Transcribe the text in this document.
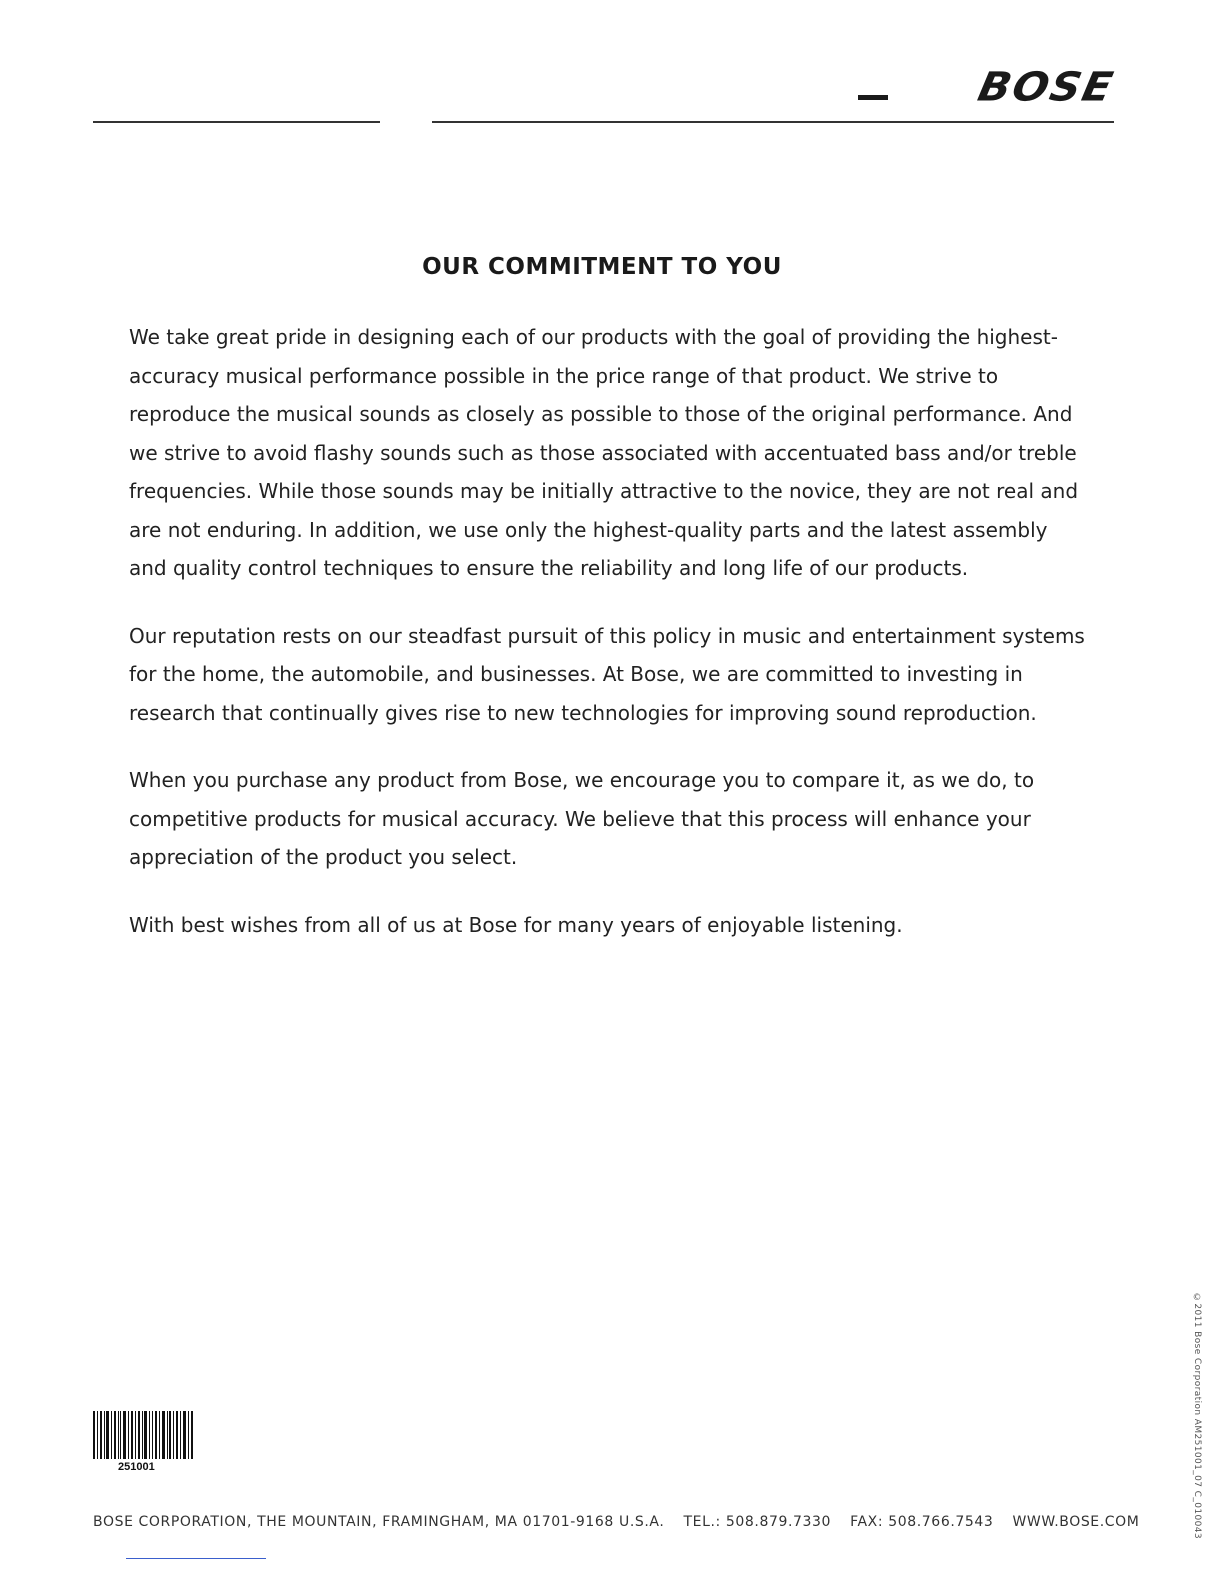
BOSE
OUR COMMITMENT TO YOU

We take great pride in designing each of our products with the goal of providing the highest-accuracy musical performance possible in the price range of that product. We strive to reproduce the musical sounds as closely as possible to those of the original performance. And we strive to avoid flashy sounds such as those associated with accentuated bass and/or treble frequencies. While those sounds may be initially attractive to the novice, they are not real and are not enduring. In addition, we use only the highest-quality parts and the latest assembly and quality control techniques to ensure the reliability and long life of our products.

Our reputation rests on our steadfast pursuit of this policy in music and entertainment systems for the home, the automobile, and businesses. At Bose, we are committed to investing in research that continually gives rise to new technologies for improving sound reproduction.

When you purchase any product from Bose, we encourage you to compare it, as we do, to competitive products for musical accuracy. We believe that this process will enhance your appreciation of the product you select.

With best wishes from all of us at Bose for many years of enjoyable listening.

251001
BOSE CORPORATION, THE MOUNTAIN, FRAMINGHAM, MA 01701-9168 U.S.A. TEL.: 508.879.7330 FAX: 508.766.7543 WWW.BOSE.COM	©2011 Bose Corporation AM251001_07 C_010043
